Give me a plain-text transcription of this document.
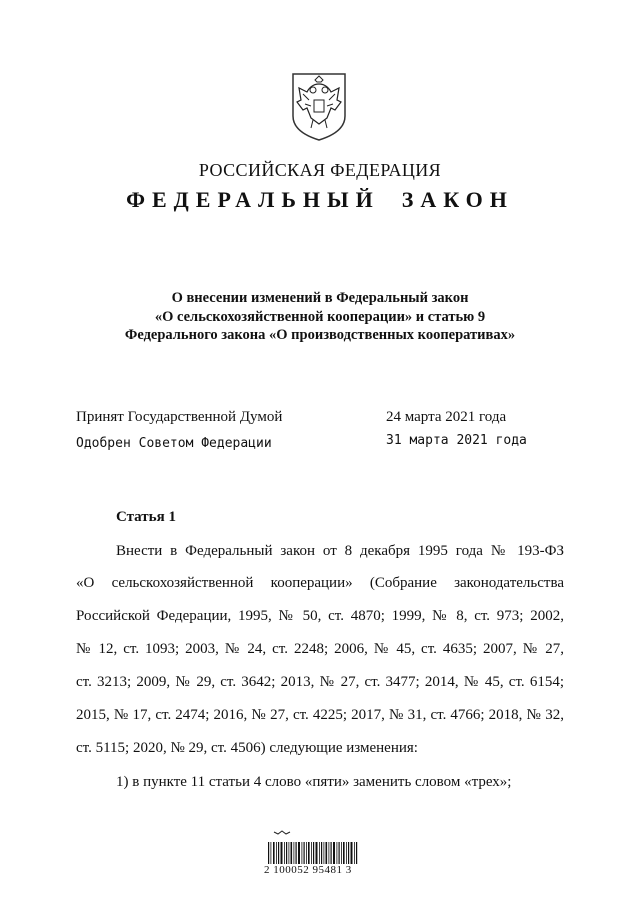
РОССИЙСКАЯ ФЕДЕРАЦИЯ
ФЕДЕРАЛЬНЫЙ ЗАКОН
О внесении изменений в Федеральный закон
«О сельскохозяйственной кооперации» и статью 9
Федерального закона «О производственных кооперативах»
Принят Государственной Думой	24 марта 2021 года
Одобрен Советом Федерации	31 марта 2021 года
Статья 1
Внести в Федеральный закон от 8 декабря 1995 года № 193-ФЗ
«О сельскохозяйственной кооперации» (Собрание законодательства
Российской Федерации, 1995, № 50, ст. 4870; 1999, № 8, ст. 973; 2002,
№ 12, ст. 1093; 2003, № 24, ст. 2248; 2006, № 45, ст. 4635; 2007, № 27,
ст. 3213; 2009, № 29, ст. 3642; 2013, № 27, ст. 3477; 2014, № 45, ст. 6154;
2015, № 17, ст. 2474; 2016, № 27, ст. 4225; 2017, № 31, ст. 4766; 2018, № 32,
ст. 5115; 2020, № 29, ст. 4506) следующие изменения:
1) в пункте 11 статьи 4 слово «пяти» заменить словом «трех»;
2 100052 95481 3
